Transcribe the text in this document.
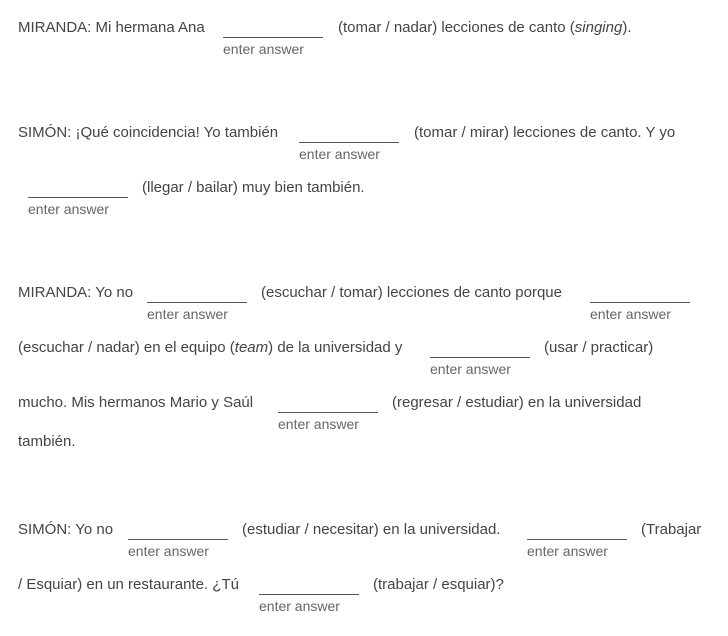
MIRANDA: Mi hermana Ana
enter answer
(tomar / nadar) lecciones de canto (singing).
SIMÓN: ¡Qué coincidencia! Yo también
enter answer
(tomar / mirar) lecciones de canto. Y yo
enter answer
(llegar / bailar) muy bien también.
MIRANDA: Yo no
enter answer
(escuchar / tomar) lecciones de canto porque
enter answer
(escuchar / nadar) en el equipo (team) de la universidad y
enter answer
(usar / practicar)
mucho. Mis hermanos Mario y Saúl
enter answer
(regresar / estudiar) en la universidad
también.
SIMÓN: Yo no
enter answer
(estudiar / necesitar) en la universidad.
enter answer
(Trabajar
/ Esquiar) en un restaurante. ¿Tú
enter answer
(trabajar / esquiar)?
